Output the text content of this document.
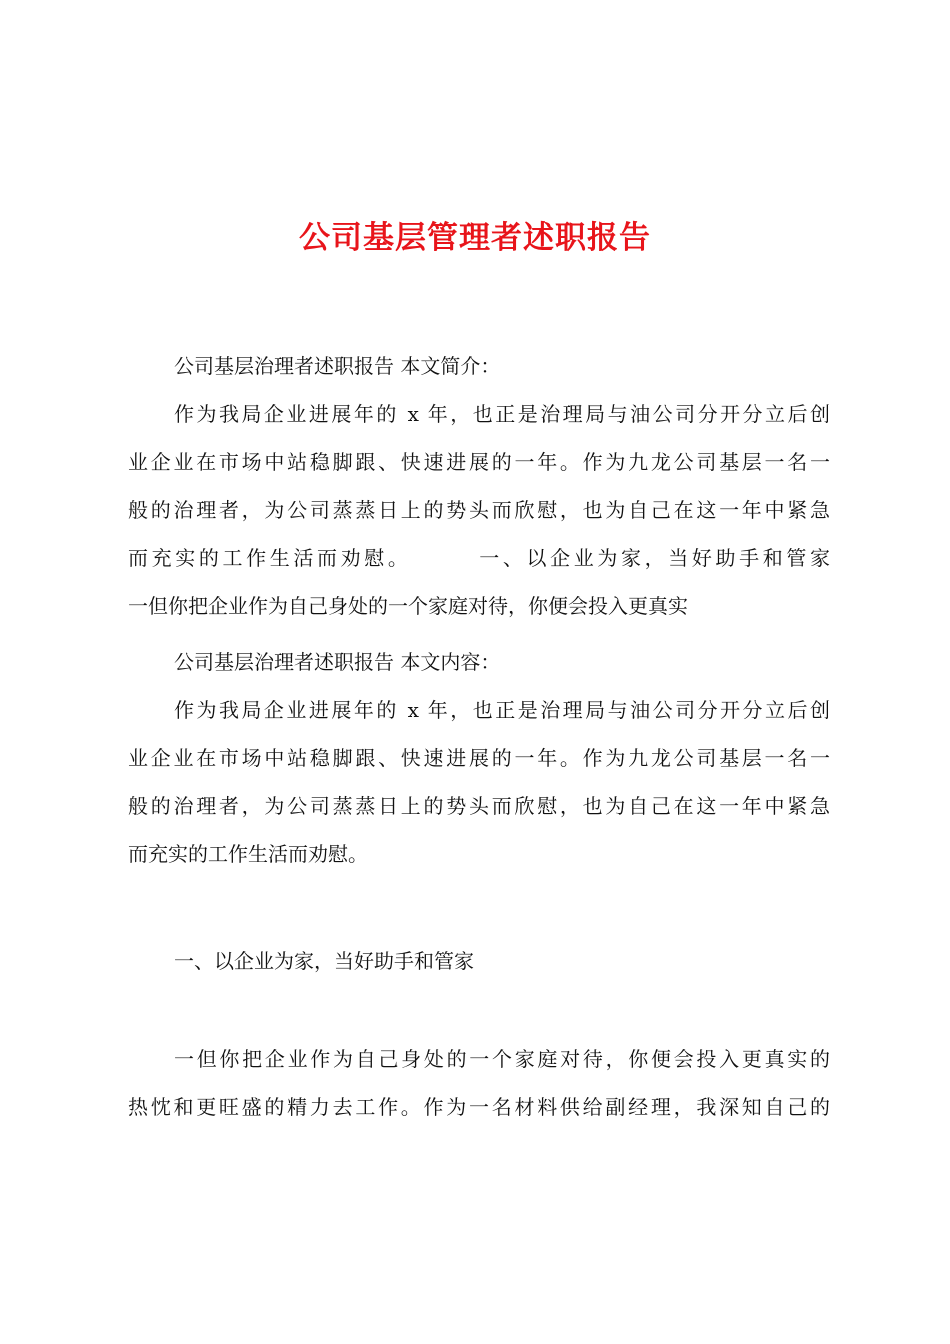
公司基层管理者述职报告
公司基层治理者述职报告 本文简介：
作为我局企业进展年的 x 年，也正是治理局与油公司分开分立后创
业企业在市场中站稳脚跟、快速进展的一年。作为九龙公司基层一名一
般的治理者，为公司蒸蒸日上的势头而欣慰，也为自己在这一年中紧急
而充实的工作生活而劝慰。	一、以企业为家，当好助手和管家
一但你把企业作为自己身处的一个家庭对待，你便会投入更真实
公司基层治理者述职报告 本文内容：
作为我局企业进展年的 x 年，也正是治理局与油公司分开分立后创
业企业在市场中站稳脚跟、快速进展的一年。作为九龙公司基层一名一
般的治理者，为公司蒸蒸日上的势头而欣慰，也为自己在这一年中紧急
而充实的工作生活而劝慰。
一、以企业为家，当好助手和管家
一但你把企业作为自己身处的一个家庭对待，你便会投入更真实的
热忱和更旺盛的精力去工作。作为一名材料供给副经理，我深知自己的
